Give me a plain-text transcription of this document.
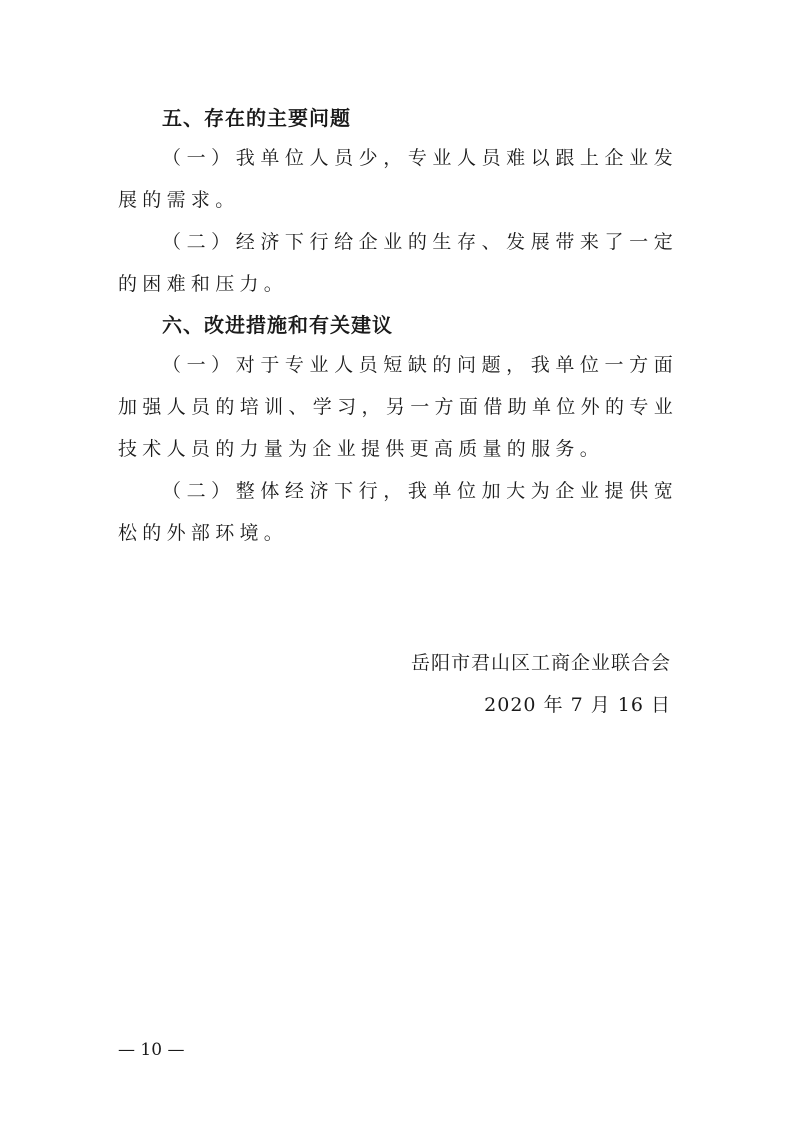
五、存在的主要问题

（一）我单位人员少，专业人员难以跟上企业发展的需求。

（二）经济下行给企业的生存、发展带来了一定的困难和压力。

六、改进措施和有关建议

（一）对于专业人员短缺的问题，我单位一方面加强人员的培训、学习，另一方面借助单位外的专业技术人员的力量为企业提供更高质量的服务。

（二）整体经济下行，我单位加大为企业提供宽松的外部环境。

岳阳市君山区工商企业联合会
2020 年 7 月 16 日
— 10 —
